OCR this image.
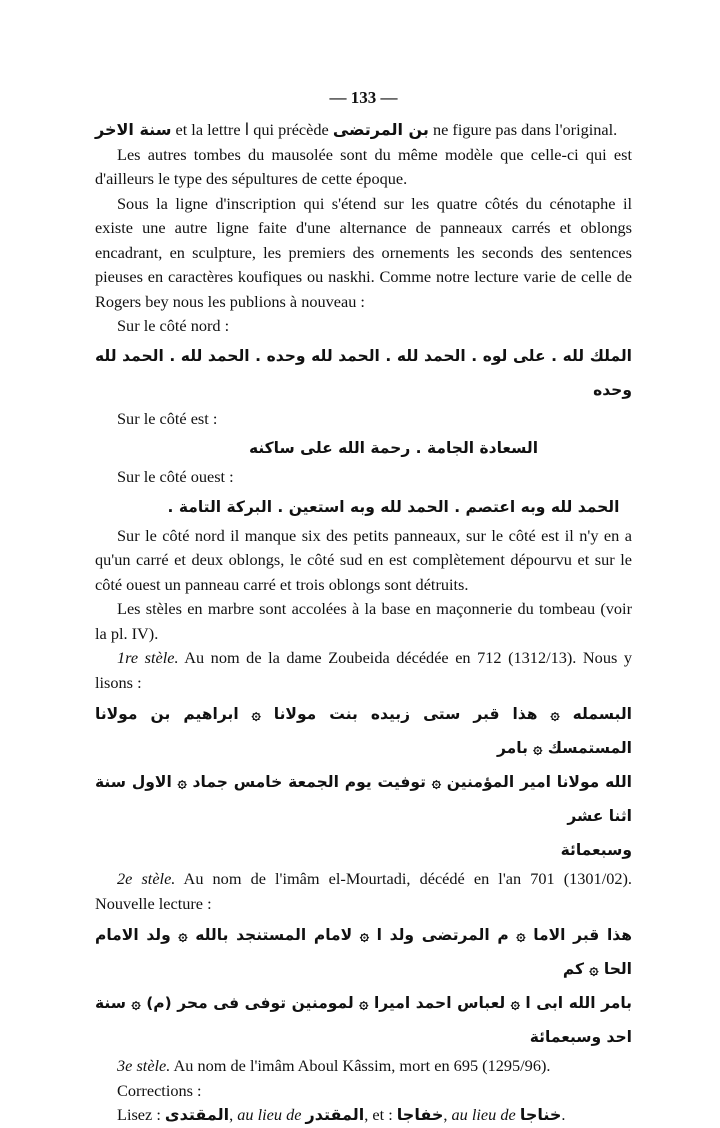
— 133 —

سنة الاخر et la lettre ا qui précède بن المرتضى ne figure pas dans l'original.

Les autres tombes du mausolée sont du même modèle que celle-ci qui est d'ailleurs le type des sépultures de cette époque.

Sous la ligne d'inscription qui s'étend sur les quatre côtés du cénotaphe il existe une autre ligne faite d'une alternance de panneaux carrés et oblongs encadrant, en sculpture, les premiers des ornements les seconds des sentences pieuses en caractères koufiques ou naskhi. Comme notre lecture varie de celle de Rogers bey nous les publions à nouveau :

Sur le côté nord :

الملك لله . على لوه . الحمد لله . الحمد لله وحده . الحمد لله . الحمد لله وحده

Sur le côté est :

السعادة الجامة . رحمة الله على ساكنه

Sur le côté ouest :

الحمد لله وبه اعتصم . الحمد لله وبه استعين . البركة التامة .

Sur le côté nord il manque six des petits panneaux, sur le côté est il n'y en a qu'un carré et deux oblongs, le côté sud en est complètement dépourvu et sur le côté ouest un panneau carré et trois oblongs sont détruits.

Les stèles en marbre sont accolées à la base en maçonnerie du tombeau (voir la pl. IV).

1re stèle. Au nom de la dame Zoubeida décédée en 712 (1312/13). Nous y lisons :

البسمله ۞ هذا قبر ستى زبيده بنت مولانا ۞ ابراهيم بن مولانا المستمسك ۞ بامر

الله مولانا امير المؤمنين ۞ توفيت يوم الجمعة خامس جماد ۞ الاول سنة اثنا عشر

وسبعمائة

2e stèle. Au nom de l'imâm el-Mourtadi, décédé en l'an 701 (1301/02). Nouvelle lecture :

هذا قبر الاما ۞ م المرتضى ولد ا ۞ لامام المستنجد بالله ۞ ولد الامام الحا ۞ كم

بامر الله ابى ا ۞ لعباس احمد اميرا ۞ لمومنين توفى فى محر (م) ۞ سنة احد وسبعمائة

3e stèle. Au nom de l'imâm Aboul Kâssim, mort en 695 (1295/96).

Corrections :

Lisez : المقتدى, au lieu de المقتدر, et : خفاجا, au lieu de خناجا.
